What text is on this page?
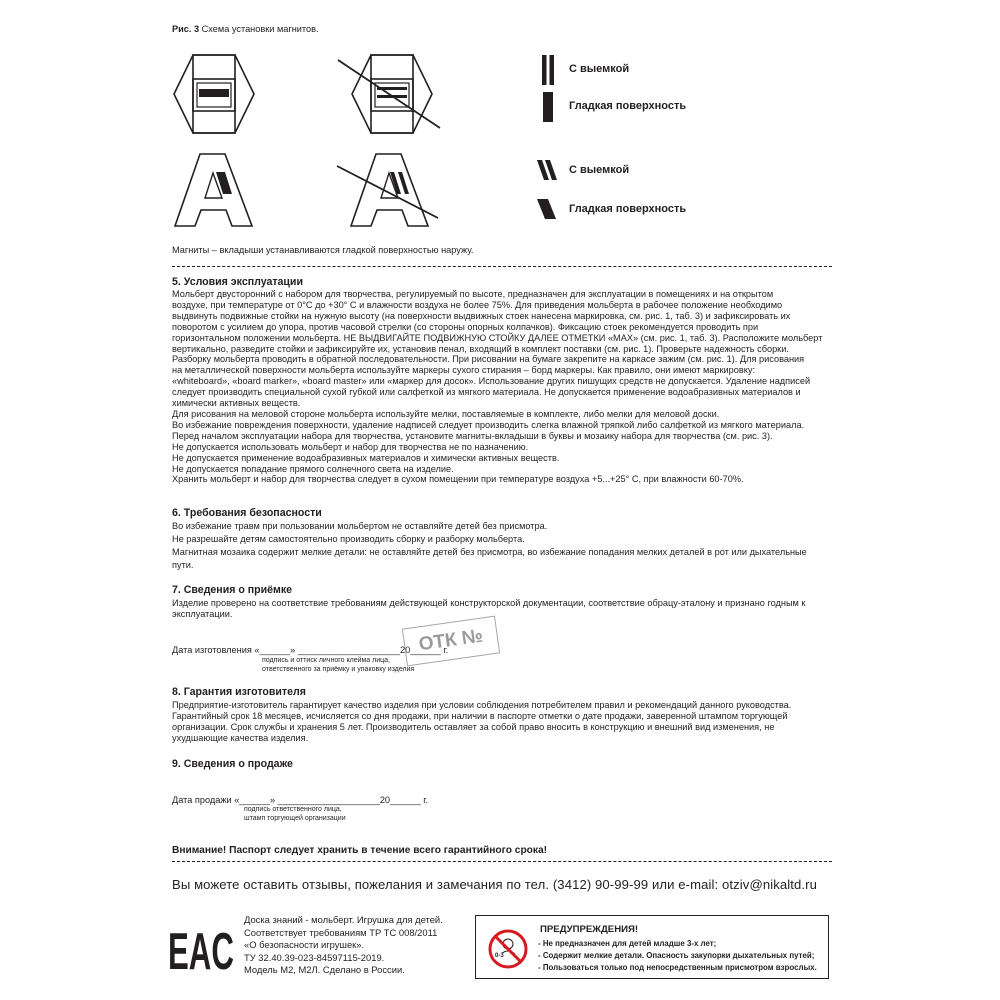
Рис. 3 Схема установки магнитов.
С выемкой
Гладкая поверхность
С выемкой
Гладкая поверхность
Магниты – вкладыши устанавливаются гладкой поверхностью наружу.
5. Условия эксплуатации
Мольберт двусторонний с набором для творчества, регулируемый по высоте, предназначен для эксплуатации в помещениях и на открытом
воздухе, при температуре от 0°С до +30° С и влажности воздуха не более 75%. Для приведения мольберта в рабочее положение необходимо
выдвинуть подвижные стойки на нужную высоту (на поверхности выдвижных стоек нанесена маркировка, см. рис. 1, таб. 3) и зафиксировать их
поворотом с усилием до упора, против часовой стрелки (со стороны опорных колпачков). Фиксацию стоек рекомендуется проводить при
горизонтальном положении мольберта. НЕ ВЫДВИГАЙТЕ ПОДВИЖНУЮ СТОЙКУ ДАЛЕЕ ОТМЕТКИ «МАХ» (см. рис. 1, таб. 3). Расположите мольберт
вертикально, разведите стойки и зафиксируйте их, установив пенал, входящий в комплект поставки (см. рис. 1). Проверьте надежность сборки.
Разборку мольберта проводить в обратной последовательности. При рисовании на бумаге закрепите на каркасе зажим (см. рис. 1). Для рисования
на металлической поверхности мольберта используйте маркеры сухого стирания – борд маркеры. Как правило, они имеют маркировку:
«whiteboard», «board marker», «board master» или «маркер для досок». Использование других пишущих средств не допускается. Удаление надписей
следует производить специальной сухой губкой или салфеткой из мягкого материала. Не допускается применение водоабразивных материалов и
химически активных веществ.
Для рисования на меловой стороне мольберта используйте мелки, поставляемые в комплекте, либо мелки для меловой доски.
Во избежание повреждения поверхности, удаление надписей следует производить слегка влажной тряпкой либо салфеткой из мягкого материала.
Перед началом эксплуатации набора для творчества, установите магниты-вкладыши в буквы и мозаику набора для творчества (см. рис. 3).
Не допускается использовать мольберт и набор для творчества не по назначению.
Не допускается применение водоабразивных материалов и химически активных веществ.
Не допускается попадание прямого солнечного света на изделие.
Хранить мольберт и набор для творчества следует в сухом помещении при температуре воздуха +5...+25° С, при влажности 60-70%.
6. Требования безопасности
Во избежание травм при пользовании мольбертом не оставляйте детей без присмотра.
Не разрешайте детям самостоятельно производить сборку и разборку мольберта.
Магнитная мозаика содержит мелкие детали: не оставляйте детей без присмотра, во избежание попадания мелких деталей в рот или дыхательные
пути.
7. Сведения о приёмке
Изделие проверено на соответствие требованиям действующей конструкторской документации, соответствие обрацу-эталону и признано годным к
эксплуатации.
Дата изготовления «______» ____________________20______ г.
подпись и оттиск личного клейма лица,
ответственного за приёмку и упаковку изделия
ОТК №
8. Гарантия изготовителя
Предприятие-изготовитель гарантирует качество изделия при условии соблюдения потребителем правил и рекомендаций данного руководства.
Гарантийный срок 18 месяцев, исчисляется со дня продажи, при наличии в паспорте отметки о дате продажи, заверенной штампом торгующей
организации. Срок службы и хранения 5 лет. Производитель оставляет за собой право вносить в конструкцию и внешний вид изменения, не
ухудшающие качества изделия.
9. Сведения о продаже
Дата продажи «______» ____________________20______ г.
подпись ответственного лица,
штамп торгующей организации
Внимание! Паспорт следует хранить в течение всего гарантийного срока!
Вы можете оставить отзывы, пожелания и замечания по тел. (3412) 90-99-99 или e-mail: otziv@nikaltd.ru
EAC
Доска знаний - мольберт. Игрушка для детей.
Соответствует требованиям ТР ТС 008/2011
«О безопасности игрушек».
ТУ 32.40.39-023-84597115-2019.
Модель М2, М2Л. Сделано в России.
0-3
ПРЕДУПРЕЖДЕНИЯ!
- Не предназначен для детей младше 3-х лет;
- Содержит мелкие детали. Опасность закупорки дыхательных путей;
- Пользоваться только под непосредственным присмотром взрослых.
